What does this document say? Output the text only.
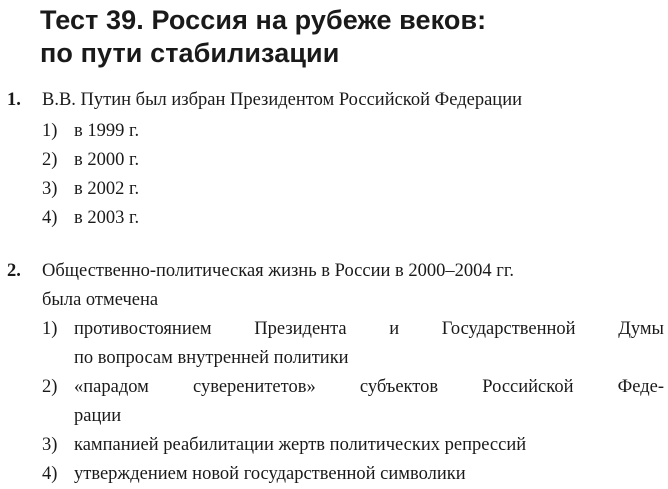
Тест 39. Россия на рубеже веков:
по пути стабилизации
1. В.В. Путин был избран Президентом Российской Федерации
1) в 1999 г.
2) в 2000 г.
3) в 2002 г.
4) в 2003 г.
2. Общественно-политическая жизнь в России в 2000–2004 гг.
была отмечена
1) противостоянием Президента и Государственной Думы
по вопросам внутренней политики
2) «парадом суверенитетов» субъектов Российской Феде-
рации
3) кампанией реабилитации жертв политических репрессий
4) утверждением новой государственной символики
